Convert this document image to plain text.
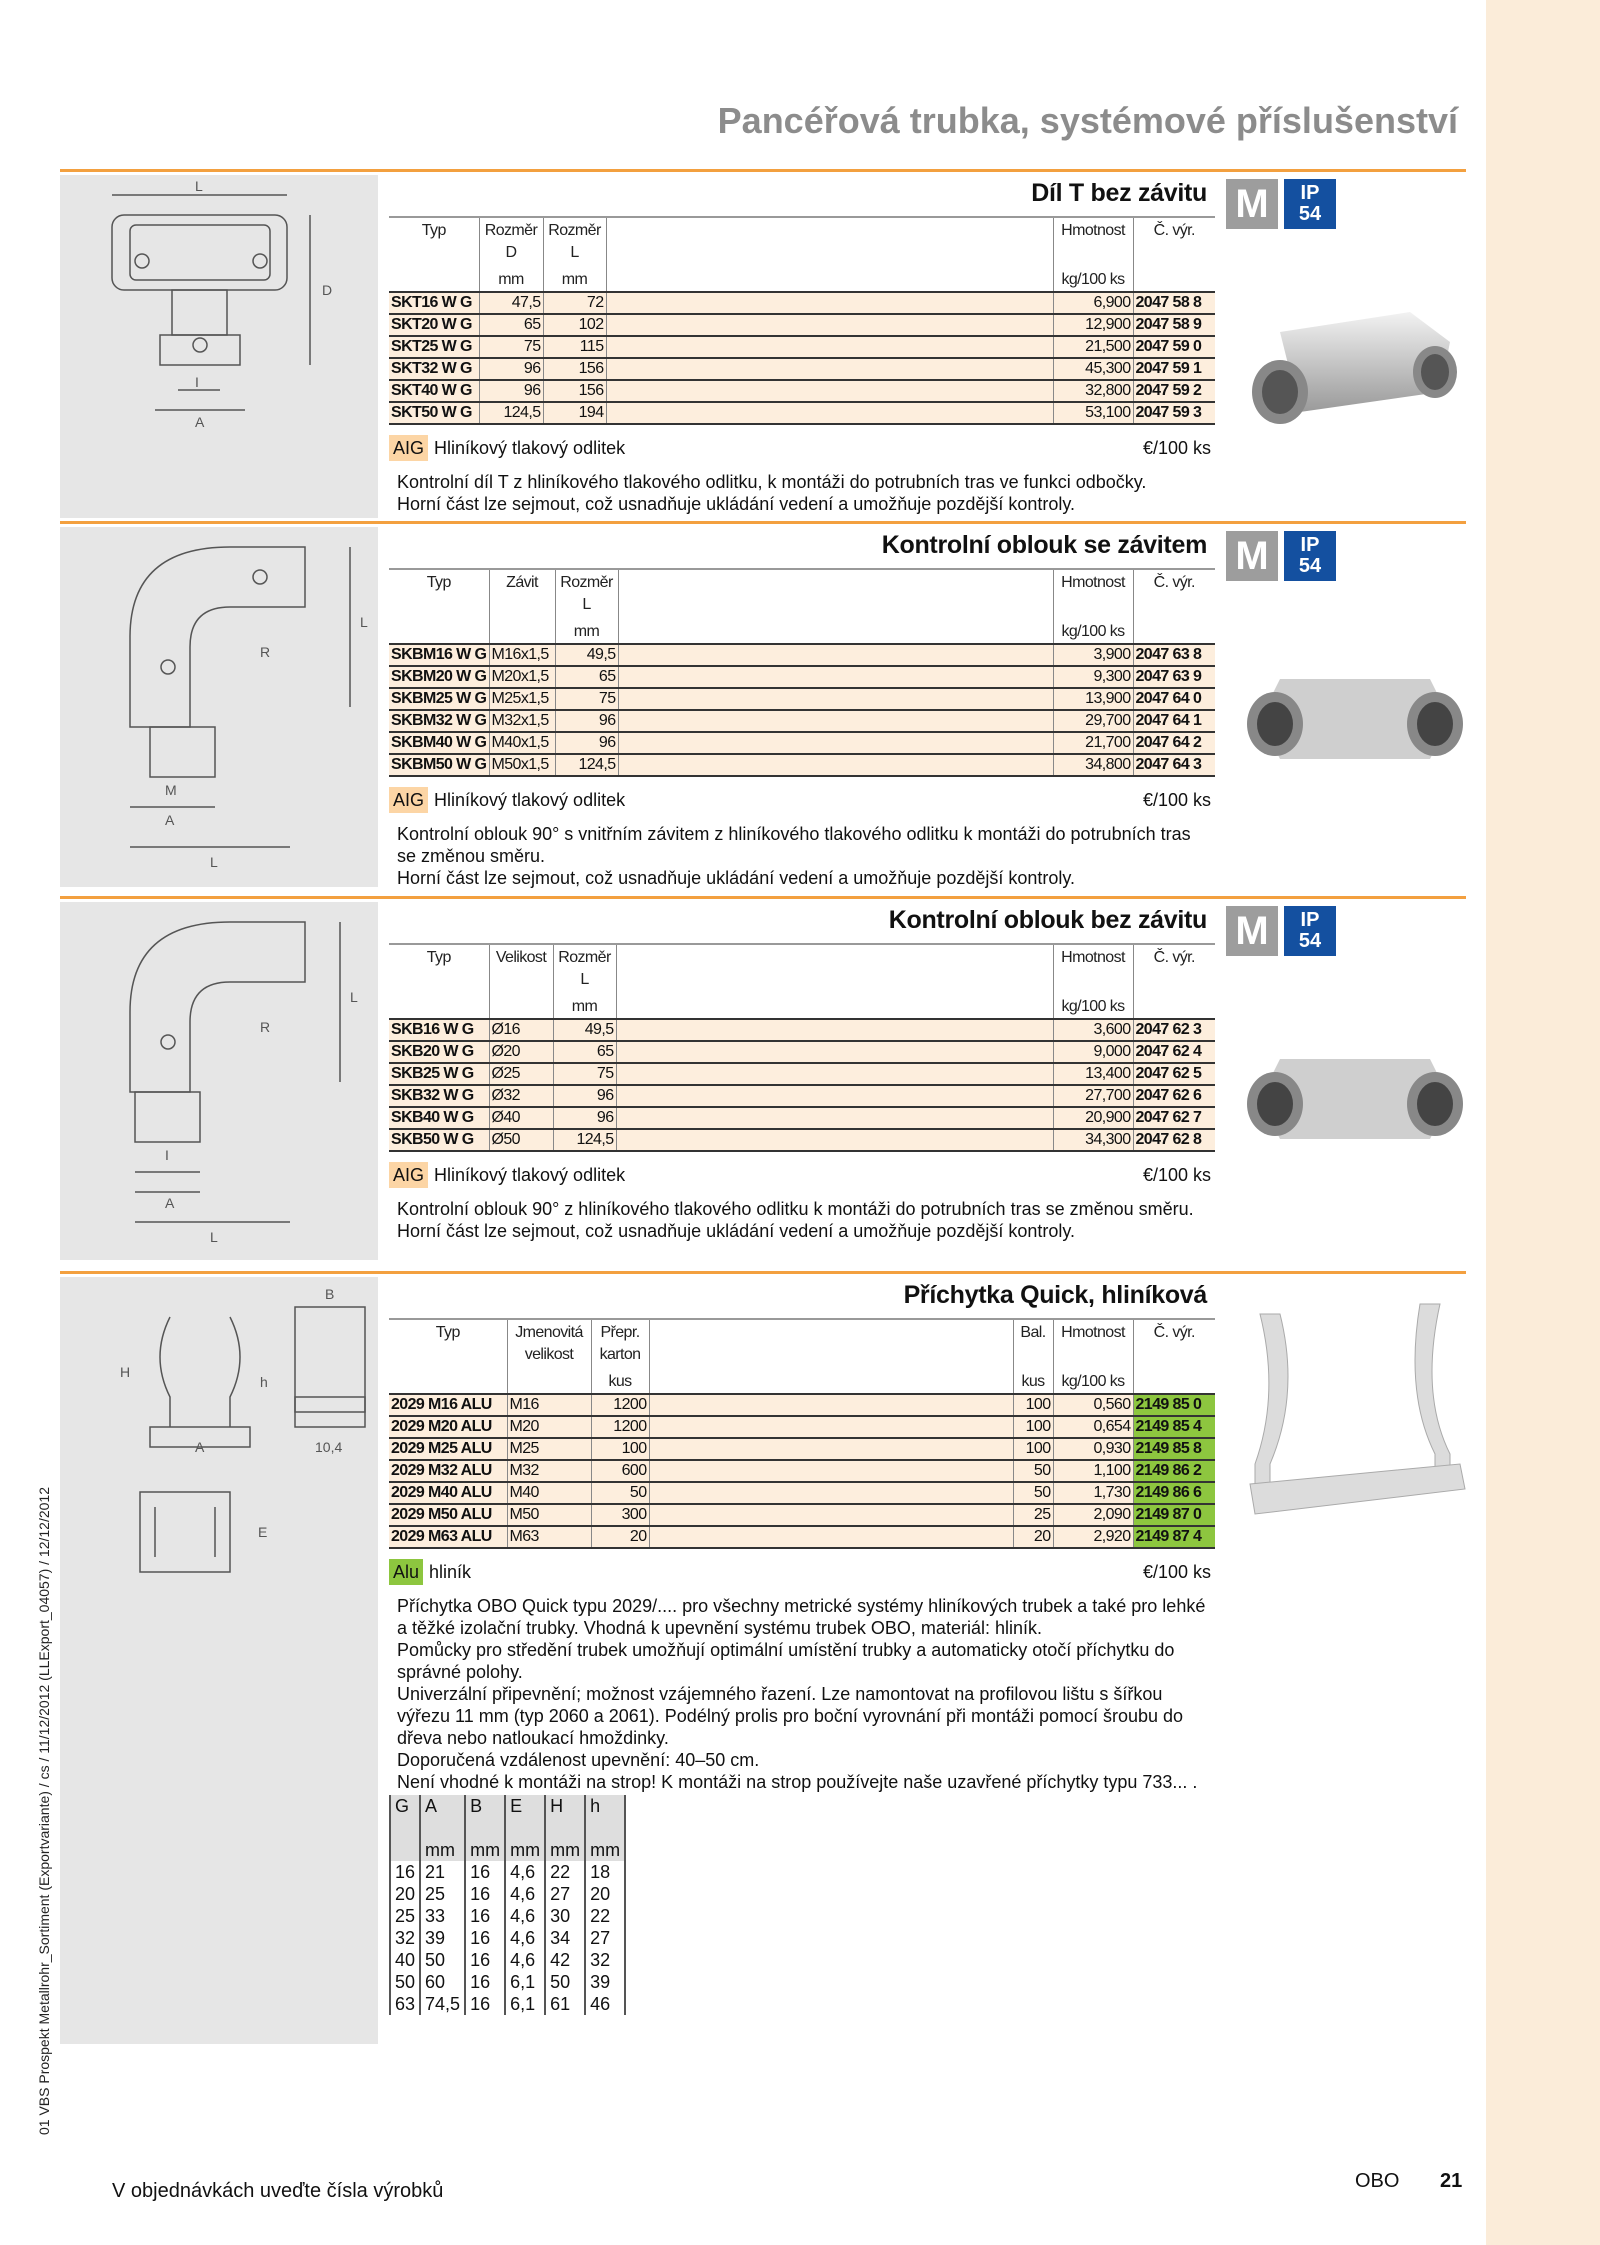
Pancéřová trubka, systémové příslušenství
L
D
I
A
Díl T bez závitu
Typ	Rozměr D	Rozměr L		Hmotnost	Č. výr.
	mm	mm		kg/100 ks	
SKT16 W G	47,5	72		6,900	2047 58 8
SKT20 W G	65	102		12,900	2047 58 9
SKT25 W G	75	115		21,500	2047 59 0
SKT32 W G	96	156		45,300	2047 59 1
SKT40 W G	96	156		32,800	2047 59 2
SKT50 W G	124,5	194		53,100	2047 59 3
AIG Hliníkový tlakový odlitek	€/100 ks
Kontrolní díl T z hliníkového tlakového odlitku, k montáži do potrubních tras ve funkci odbočky.
Horní část lze sejmout, což usnadňuje ukládání vedení a umožňuje pozdější kontroly.
M	IP
54
L
R
M
A
L
Kontrolní oblouk se závitem
Typ	Závit	Rozměr L		Hmotnost	Č. výr.
		mm		kg/100 ks	
SKBM16 W G	M16x1,5	49,5		3,900	2047 63 8
SKBM20 W G	M20x1,5	65		9,300	2047 63 9
SKBM25 W G	M25x1,5	75		13,900	2047 64 0
SKBM32 W G	M32x1,5	96		29,700	2047 64 1
SKBM40 W G	M40x1,5	96		21,700	2047 64 2
SKBM50 W G	M50x1,5	124,5		34,800	2047 64 3
AIG Hliníkový tlakový odlitek	€/100 ks
Kontrolní oblouk 90° s vnitřním závitem z hliníkového tlakového odlitku k montáži do potrubních tras se změnou směru.
Horní část lze sejmout, což usnadňuje ukládání vedení a umožňuje pozdější kontroly.
M	IP
54
L
R
I
A
L
Kontrolní oblouk bez závitu
Typ	Velikost	Rozměr L		Hmotnost	Č. výr.
		mm		kg/100 ks	
SKB16 W G	Ø16	49,5		3,600	2047 62 3
SKB20 W G	Ø20	65		9,000	2047 62 4
SKB25 W G	Ø25	75		13,400	2047 62 5
SKB32 W G	Ø32	96		27,700	2047 62 6
SKB40 W G	Ø40	96		20,900	2047 62 7
SKB50 W G	Ø50	124,5		34,300	2047 62 8
AIG Hliníkový tlakový odlitek	€/100 ks
Kontrolní oblouk 90° z hliníkového tlakového odlitku k montáži do potrubních tras se změnou směru.
Horní část lze sejmout, což usnadňuje ukládání vedení a umožňuje pozdější kontroly.
M	IP
54
B
H
h
A	10,4
E
Příchytka Quick, hliníková
Typ	Jmenovitá velikost	Přepr. karton		Bal.	Hmotnost	Č. výr.
		kus		kus	kg/100 ks	
2029 M16 ALU	M16	1200		100	0,560	2149 85 0
2029 M20 ALU	M20	1200		100	0,654	2149 85 4
2029 M25 ALU	M25	100		100	0,930	2149 85 8
2029 M32 ALU	M32	600		50	1,100	2149 86 2
2029 M40 ALU	M40	50		50	1,730	2149 86 6
2029 M50 ALU	M50	300		25	2,090	2149 87 0
2029 M63 ALU	M63	20		20	2,920	2149 87 4
Alu hliník	€/100 ks
Příchytka OBO Quick typu 2029/.... pro všechny metrické systémy hliníkových trubek a také pro lehké a těžké izolační trubky. Vhodná k upevnění systému trubek OBO, materiál: hliník.
Pomůcky pro středění trubek umožňují optimální umístění trubky a automaticky otočí příchytku do správné polohy.
Univerzální připevnění; možnost vzájemného řazení. Lze namontovat na profilovou lištu s šířkou výřezu 11 mm (typ 2060 a 2061). Podélný prolis pro boční vyrovnání při montáži pomocí šroubu do dřeva nebo natloukací hmoždinky.
Doporučená vzdálenost upevnění: 40–50 cm.
Není vhodné k montáži na strop! K montáži na strop používejte naše uzavřené příchytky typu 733... .
G	A	B	E	H	h
	mm	mm	mm	mm	mm
16	21	16	4,6	22	18
20	25	16	4,6	27	20
25	33	16	4,6	30	22
32	39	16	4,6	34	27
40	50	16	4,6	42	32
50	60	16	6,1	50	39
63	74,5	16	6,1	61	46
01 VBS Prospekt Metallrohr_Sortiment (Exportvariante) / cs / 11/12/2012 (LLExport_04057) / 12/12/2012
V objednávkách uveďte čísla výrobků	OBO 21
